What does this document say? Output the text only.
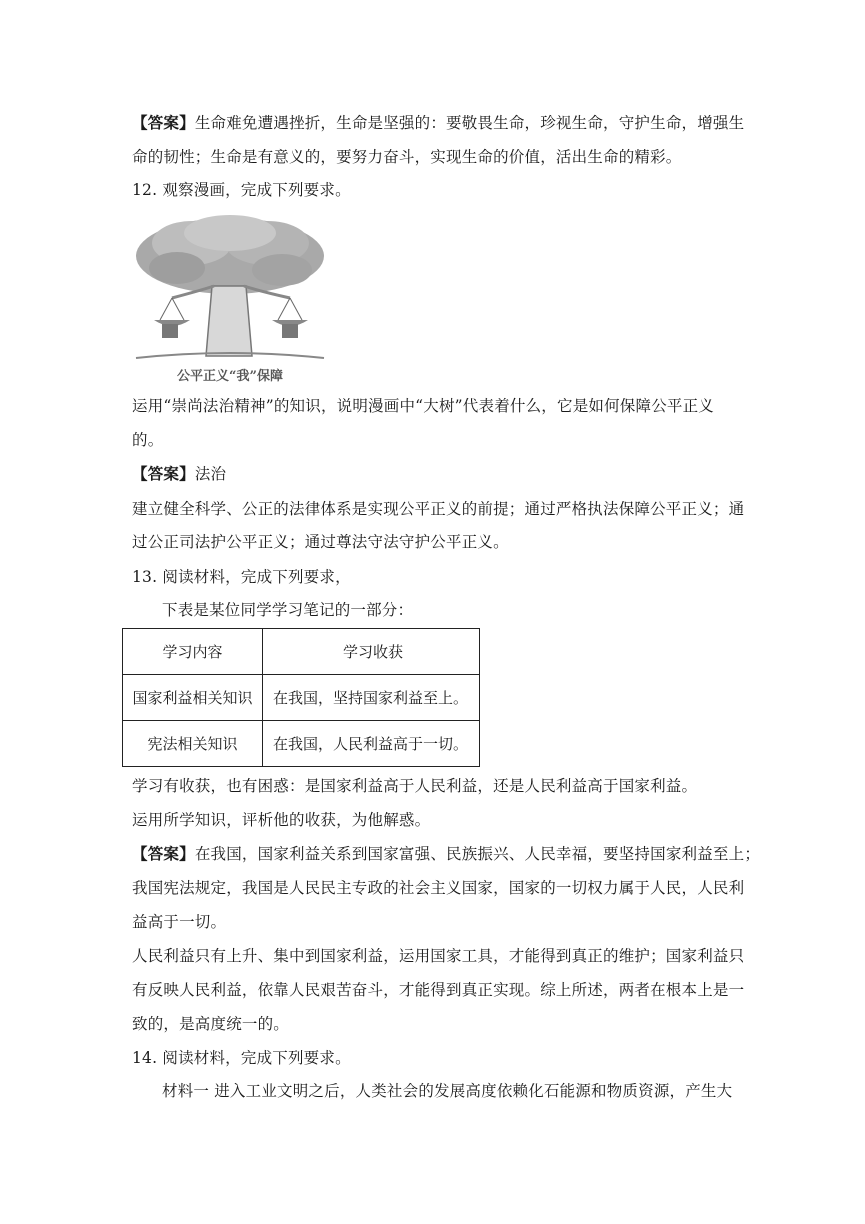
【答案】生命难免遭遇挫折，生命是坚强的：要敬畏生命，珍视生命，守护生命，增强生
命的韧性；生命是有意义的，要努力奋斗，实现生命的价值，活出生命的精彩。
12. 观察漫画，完成下列要求。
公平正义“我”保障
运用“崇尚法治精神”的知识，说明漫画中“大树”代表着什么，它是如何保障公平正义
的。
【答案】法治
建立健全科学、公正的法律体系是实现公平正义的前提；通过严格执法保障公平正义；通
过公正司法护公平正义；通过尊法守法守护公平正义。
13. 阅读材料，完成下列要求，
下表是某位同学学习笔记的一部分：
学习内容	学习收获
国家利益相关知识	在我国，坚持国家利益至上。
宪法相关知识	在我国，人民利益高于一切。
学习有收获，也有困惑：是国家利益高于人民利益，还是人民利益高于国家利益。
运用所学知识，评析他的收获，为他解惑。
【答案】在我国，国家利益关系到国家富强、民族振兴、人民幸福，要坚持国家利益至上；
我国宪法规定，我国是人民民主专政的社会主义国家，国家的一切权力属于人民，人民利
益高于一切。
人民利益只有上升、集中到国家利益，运用国家工具，才能得到真正的维护；国家利益只
有反映人民利益，依靠人民艰苦奋斗，才能得到真正实现。综上所述，两者在根本上是一
致的，是高度统一的。
14. 阅读材料，完成下列要求。
材料一 进入工业文明之后，人类社会的发展高度依赖化石能源和物质资源，产生大
